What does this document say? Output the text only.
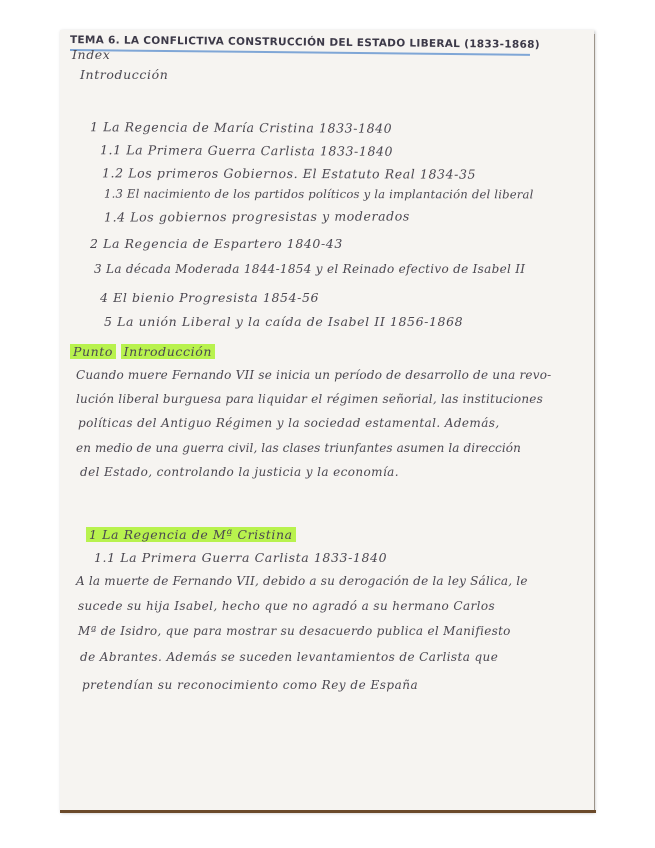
TEMA 6. LA CONFLICTIVA CONSTRUCCIÓN DEL ESTADO LIBERAL (1833-1868)
Index
Introducción
1 La Regencia de María Cristina 1833-1840
1.1 La Primera Guerra Carlista 1833-1840
1.2 Los primeros Gobiernos. El Estatuto Real 1834-35
1.3 El nacimiento de los partidos políticos y la implantación del liberal
1.4 Los gobiernos progresistas y moderados
2 La Regencia de Espartero 1840-43
3 La década Moderada 1844-1854 y el Reinado efectivo de Isabel II
4 El bienio Progresista 1854-56
5 La unión Liberal y la caída de Isabel II 1856-1868
Punto Introducción
Cuando muere Fernando VII se inicia un período de desarrollo de una revo-
lución liberal burguesa para liquidar el régimen señorial, las instituciones
políticas del Antiguo Régimen y la sociedad estamental. Además,
en medio de una guerra civil, las clases triunfantes asumen la dirección
del Estado, controlando la justicia y la economía.
1 La Regencia de Mª Cristina
1.1 La Primera Guerra Carlista 1833-1840
A la muerte de Fernando VII, debido a su derogación de la ley Sálica, le
sucede su hija Isabel, hecho que no agradó a su hermano Carlos
Mª de Isidro, que para mostrar su desacuerdo publica el Manifiesto
de Abrantes. Además se suceden levantamientos de Carlista que
pretendían su reconocimiento como Rey de España
